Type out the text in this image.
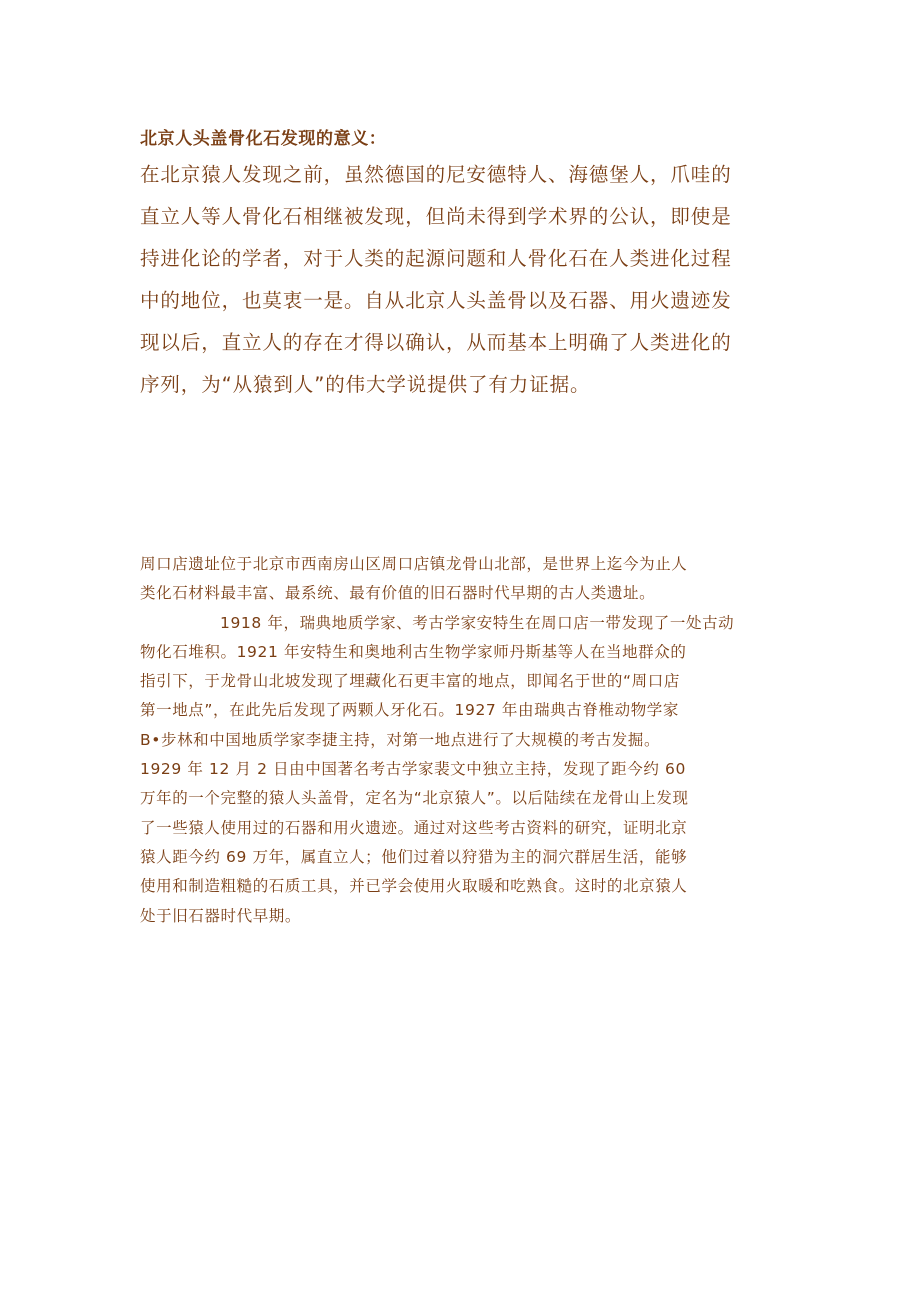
北京人头盖骨化石发现的意义：

在北京猿人发现之前，虽然德国的尼安德特人、海德堡人，爪哇的
直立人等人骨化石相继被发现，但尚未得到学术界的公认，即使是
持进化论的学者，对于人类的起源问题和人骨化石在人类进化过程
中的地位，也莫衷一是。自从北京人头盖骨以及石器、用火遗迹发
现以后，直立人的存在才得以确认，从而基本上明确了人类进化的
序列，为“从猿到人”的伟大学说提供了有力证据。

周口店遗址位于北京市西南房山区周口店镇龙骨山北部，是世界上迄今为止人
类化石材料最丰富、最系统、最有价值的旧石器时代早期的古人类遗址。

1918 年，瑞典地质学家、考古学家安特生在周口店一带发现了一处古动
物化石堆积。1921 年安特生和奥地利古生物学家师丹斯基等人在当地群众的
指引下，于龙骨山北坡发现了埋藏化石更丰富的地点，即闻名于世的“周口店
第一地点”，在此先后发现了两颗人牙化石。1927 年由瑞典古脊椎动物学家
B•步林和中国地质学家李捷主持，对第一地点进行了大规模的考古发掘。
1929 年 12 月 2 日由中国著名考古学家裴文中独立主持，发现了距今约 60
万年的一个完整的猿人头盖骨，定名为“北京猿人”。以后陆续在龙骨山上发现
了一些猿人使用过的石器和用火遗迹。通过对这些考古资料的研究，证明北京
猿人距今约 69 万年，属直立人；他们过着以狩猎为主的洞穴群居生活，能够
使用和制造粗糙的石质工具，并已学会使用火取暖和吃熟食。这时的北京猿人
处于旧石器时代早期。
